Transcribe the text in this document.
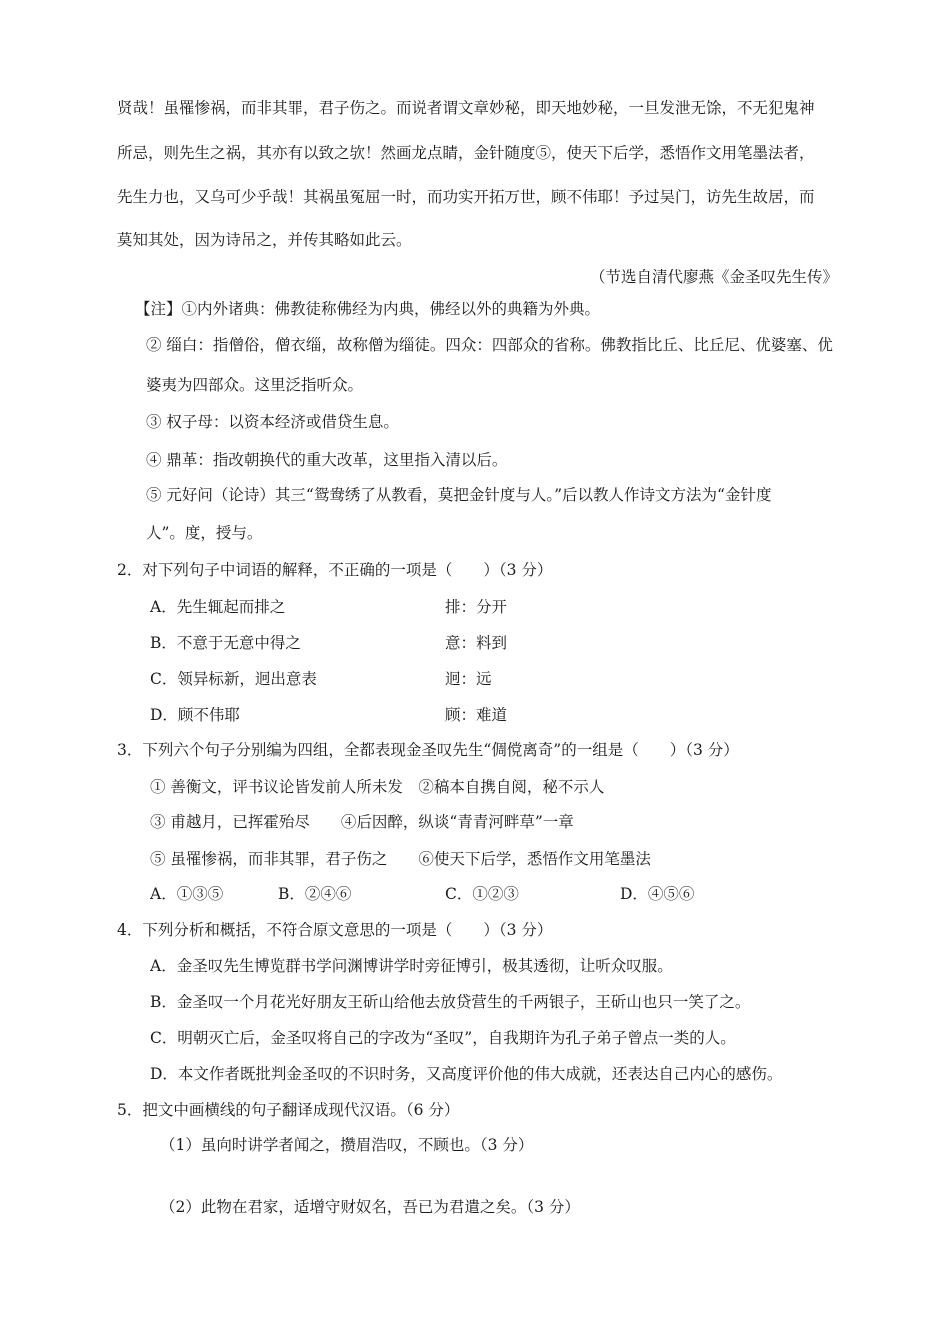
贤哉！虽罹惨祸，而非其罪，君子伤之。而说者谓文章妙秘，即天地妙秘，一旦发泄无馀，不无犯鬼神
所忌，则先生之祸，其亦有以致之欤！然画龙点睛，金针随度⑤，使天下后学，悉悟作文用笔墨法者，
先生力也，又乌可少乎哉！其祸虽冤屈一时，而功实开拓万世，顾不伟耶！予过吴门，访先生故居，而
莫知其处，因为诗吊之，并传其略如此云。
（节选自清代廖燕《金圣叹先生传》
【注】①内外诸典：佛教徒称佛经为内典，佛经以外的典籍为外典。
② 缁白：指僧俗，僧衣缁，故称僧为缁徒。四众：四部众的省称。佛教指比丘、比丘尼、优婆塞、优
婆夷为四部众。这里泛指听众。
③ 权子母：以资本经济或借贷生息。
④ 鼎革：指改朝换代的重大改革，这里指入清以后。
⑤ 元好问（论诗）其三“鸳鸯绣了从教看，莫把金针度与人。”后以教人作诗文方法为“金针度
人”。度，授与。
2．对下列句子中词语的解释，不正确的一项是（　　）（3 分）
A．先生辄起而排之	排：分开
B．不意于无意中得之	意：料到
C．领异标新，迥出意表	迥：远
D．顾不伟耶	顾：难道
3．下列六个句子分别编为四组，全都表现金圣叹先生“倜傥离奇”的一组是（　　）（3 分）
① 善衡文，评书议论皆发前人所未发　②稿本自携自阅，秘不示人
③ 甫越月，已挥霍殆尽　　④后因醉，纵谈“青青河畔草”一章
⑤ 虽罹惨祸，而非其罪，君子伤之　　⑥使天下后学，悉悟作文用笔墨法
A．①③⑤	B．②④⑥	C．①②③	D．④⑤⑥
4．下列分析和概括，不符合原文意思的一项是（　　）（3 分）
A．金圣叹先生博览群书学问渊博讲学时旁征博引，极其透彻，让听众叹服。
B．金圣叹一个月花光好朋友王斫山给他去放贷营生的千两银子，王斫山也只一笑了之。
C．明朝灭亡后，金圣叹将自己的字改为“圣叹”，自我期许为孔子弟子曾点一类的人。
D．本文作者既批判金圣叹的不识时务，又高度评价他的伟大成就，还表达自己内心的感伤。
5．把文中画横线的句子翻译成现代汉语。（6 分）
（1）虽向时讲学者闻之，攒眉浩叹，不顾也。（3 分）
（2）此物在君家，适增守财奴名，吾已为君遣之矣。（3 分）
